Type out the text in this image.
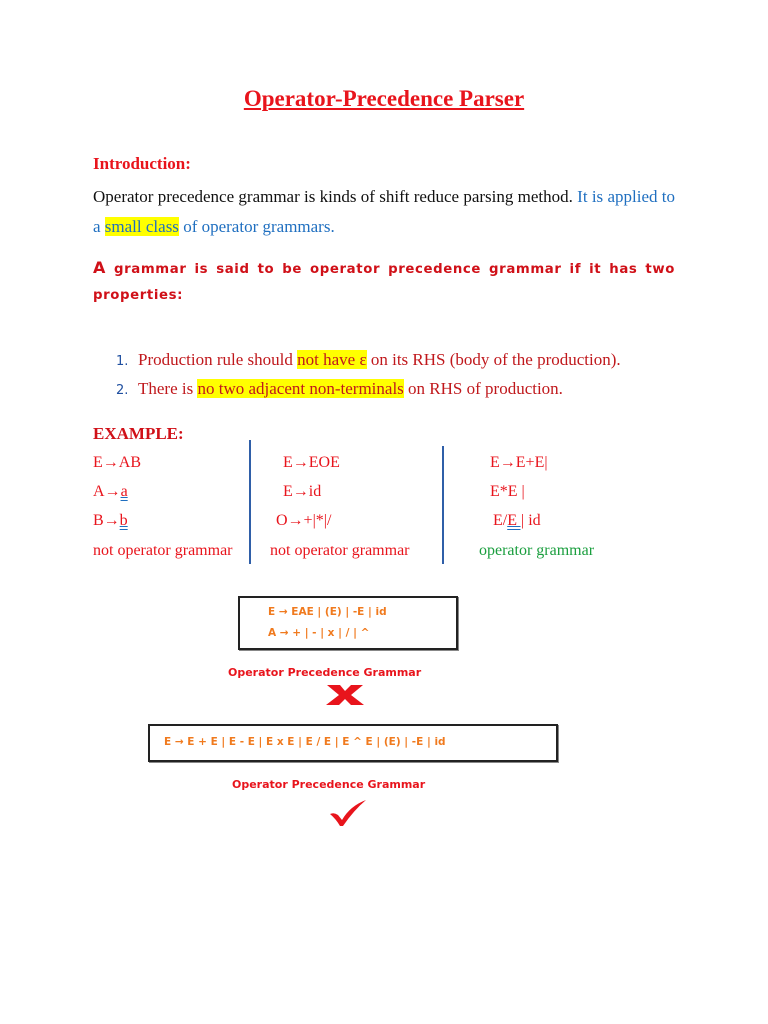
Operator-Precedence Parser
Introduction:
Operator precedence grammar is kinds of shift reduce parsing method. It is applied to a small class of operator grammars.
A grammar is said to be operator precedence grammar if it has two properties:
1. Production rule should not have ε on its RHS (body of the production).
2. There is no two adjacent non-terminals on RHS of production.
EXAMPLE:
E→AB
A→a
B→b
not operator grammar
E→EOE
E→id
O→+|*|/
not operator grammar
E→E+E|
E*E |
E/E | id
operator grammar
E → EAE | (E) | -E | id
A → + | - | x | / | ^
Operator Precedence Grammar
E → E + E | E - E | E x E | E / E | E ^ E | (E) | -E | id
Operator Precedence Grammar
